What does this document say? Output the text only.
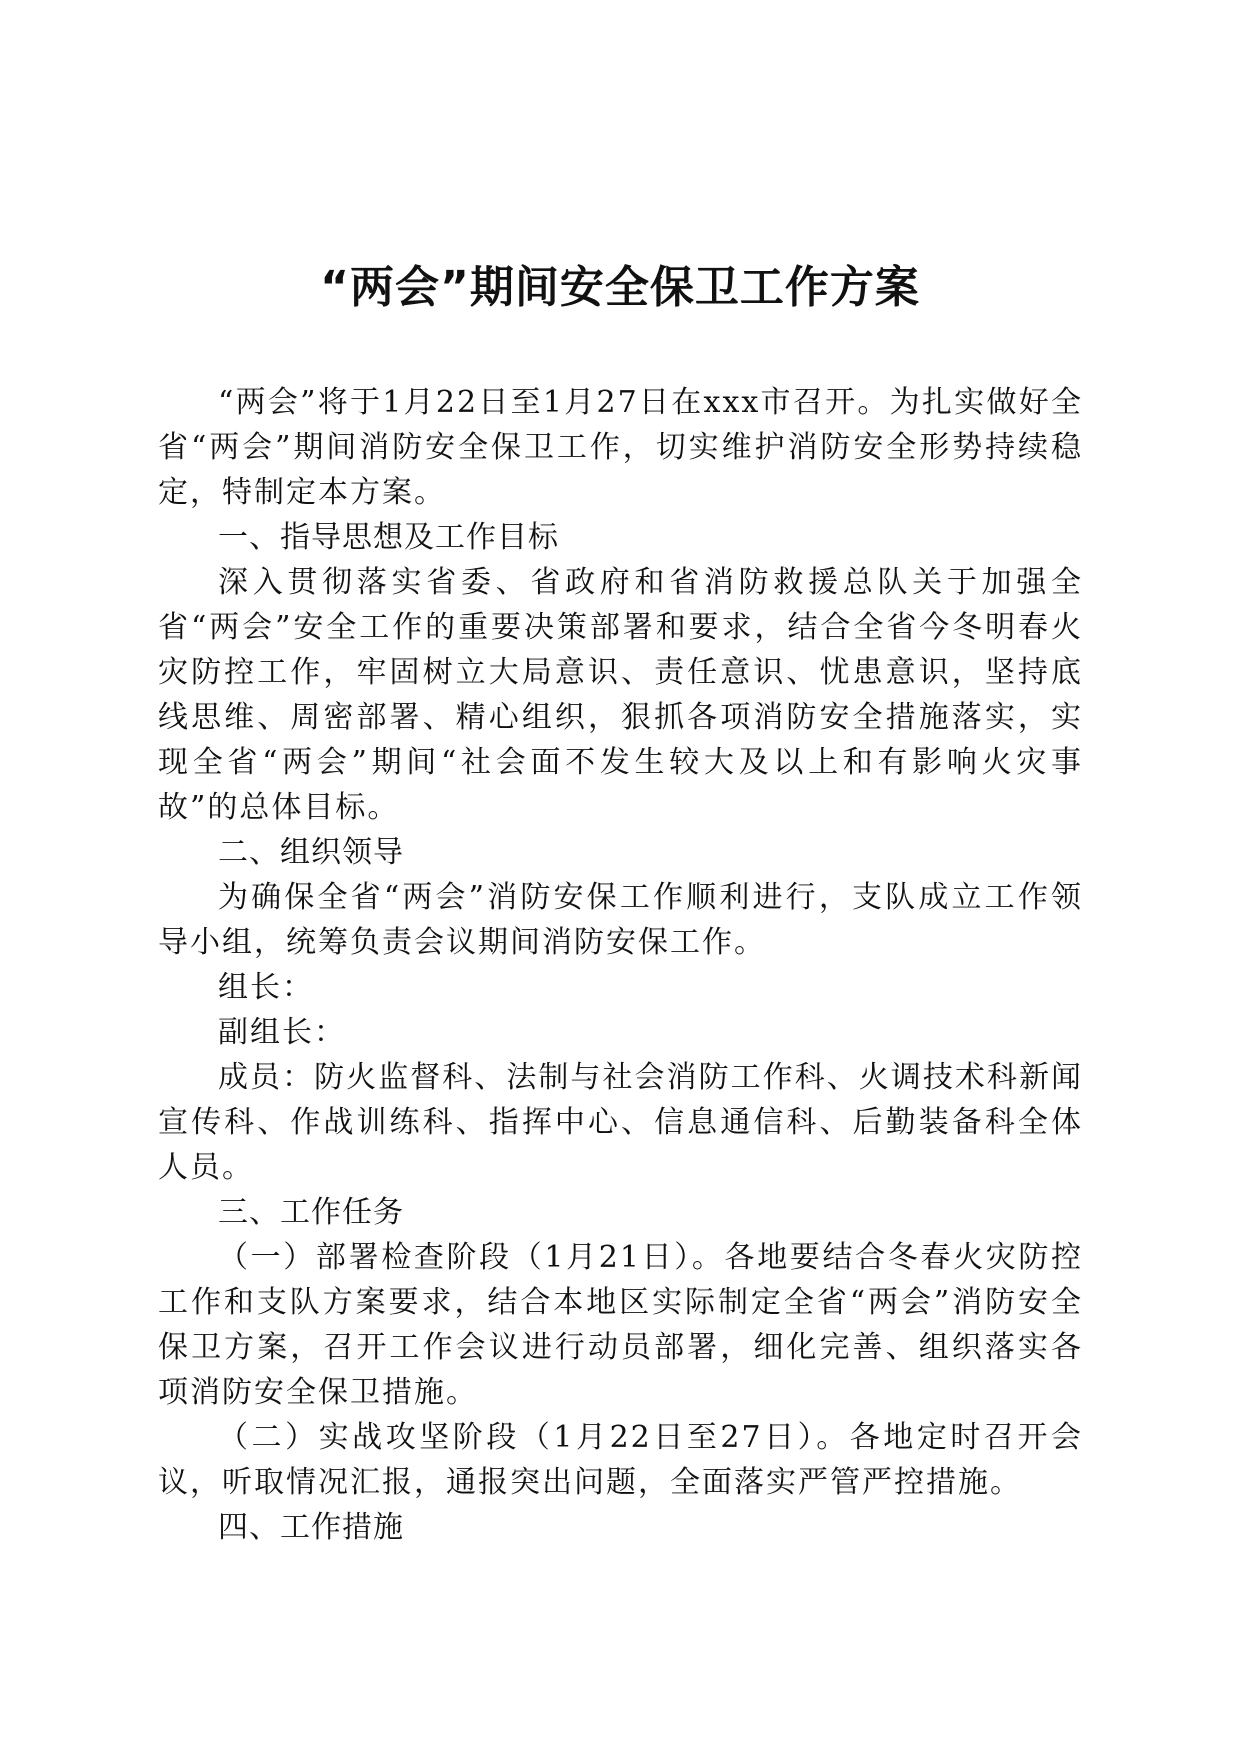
“两会”期间安全保卫工作方案

“两会”将于1月22日至1月27日在xxx市召开。为扎实做好全省“两会”期间消防安全保卫工作，切实维护消防安全形势持续稳定，特制定本方案。

一、指导思想及工作目标

深入贯彻落实省委、省政府和省消防救援总队关于加强全省“两会”安全工作的重要决策部署和要求，结合全省今冬明春火灾防控工作，牢固树立大局意识、责任意识、忧患意识，坚持底线思维、周密部署、精心组织，狠抓各项消防安全措施落实，实现全省“两会”期间“社会面不发生较大及以上和有影响火灾事故”的总体目标。

二、组织领导

为确保全省“两会”消防安保工作顺利进行，支队成立工作领导小组，统筹负责会议期间消防安保工作。

组长：

副组长：

成员：防火监督科、法制与社会消防工作科、火调技术科新闻宣传科、作战训练科、指挥中心、信息通信科、后勤装备科全体人员。

三、工作任务

（一）部署检查阶段（1月21日）。各地要结合冬春火灾防控工作和支队方案要求，结合本地区实际制定全省“两会”消防安全保卫方案，召开工作会议进行动员部署，细化完善、组织落实各项消防安全保卫措施。

（二）实战攻坚阶段（1月22日至27日）。各地定时召开会议，听取情况汇报，通报突出问题，全面落实严管严控措施。

四、工作措施
